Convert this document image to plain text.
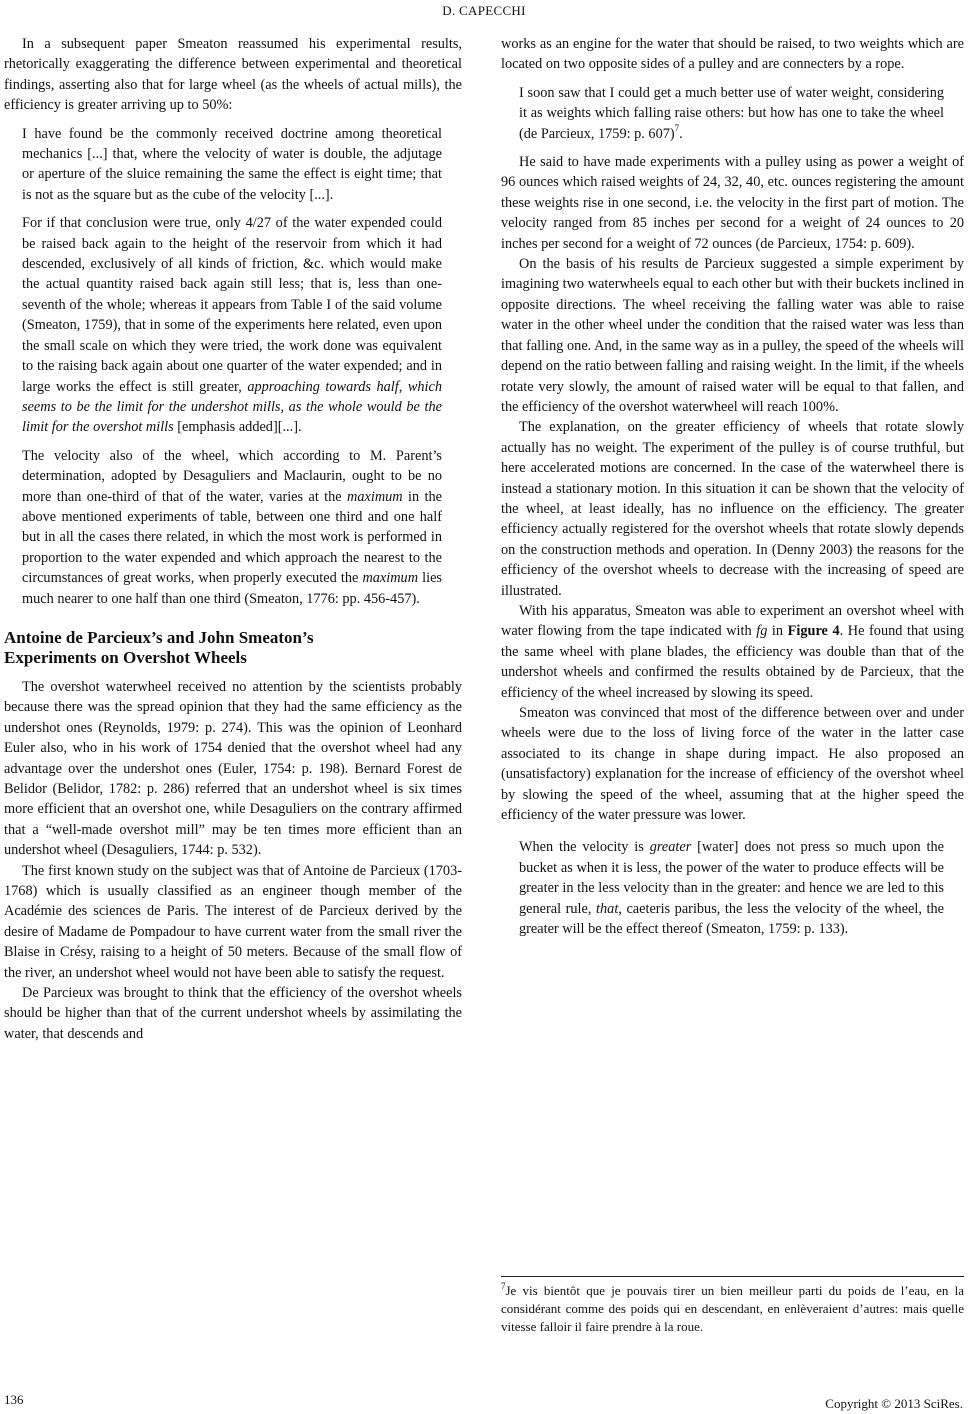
D. CAPECCHI

In a subsequent paper Smeaton reassumed his experimental results, rhetorically exaggerating the difference between experimental and theoretical findings, asserting also that for large wheel (as the wheels of actual mills), the efficiency is greater arriving up to 50%:

I have found be the commonly received doctrine among theoretical mechanics [...] that, where the velocity of water is double, the adjutage or aperture of the sluice remaining the same the effect is eight time; that is not as the square but as the cube of the velocity [...].

For if that conclusion were true, only 4/27 of the water expended could be raised back again to the height of the reservoir from which it had descended, exclusively of all kinds of friction, &c. which would make the actual quantity raised back again still less; that is, less than one-seventh of the whole; whereas it appears from Table I of the said volume (Smeaton, 1759), that in some of the experiments here related, even upon the small scale on which they were tried, the work done was equivalent to the raising back again about one quarter of the water expended; and in large works the effect is still greater, approaching towards half, which seems to be the limit for the undershot mills, as the whole would be the limit for the overshot mills [emphasis added][...].

The velocity also of the wheel, which according to M. Parent’s determination, adopted by Desaguliers and Maclaurin, ought to be no more than one-third of that of the water, varies at the maximum in the above mentioned experiments of table, between one third and one half but in all the cases there related, in which the most work is performed in proportion to the water expended and which approach the nearest to the circumstances of great works, when properly executed the maximum lies much nearer to one half than one third (Smeaton, 1776: pp. 456-457).

Antoine de Parcieux’s and John Smeaton’s
Experiments on Overshot Wheels

The overshot waterwheel received no attention by the scientists probably because there was the spread opinion that they had the same efficiency as the undershot ones (Reynolds, 1979: p. 274). This was the opinion of Leonhard Euler also, who in his work of 1754 denied that the overshot wheel had any advantage over the undershot ones (Euler, 1754: p. 198). Bernard Forest de Belidor (Belidor, 1782: p. 286) referred that an undershot wheel is six times more efficient that an overshot one, while Desaguliers on the contrary affirmed that a “well-made overshot mill” may be ten times more efficient than an undershot wheel (Desaguliers, 1744: p. 532).

The first known study on the subject was that of Antoine de Parcieux (1703-1768) which is usually classified as an engineer though member of the Académie des sciences de Paris. The interest of de Parcieux derived by the desire of Madame de Pompadour to have current water from the small river the Blaise in Crésy, raising to a height of 50 meters. Because of the small flow of the river, an undershot wheel would not have been able to satisfy the request.

De Parcieux was brought to think that the efficiency of the overshot wheels should be higher than that of the current undershot wheels by assimilating the water, that descends and

works as an engine for the water that should be raised, to two weights which are located on two opposite sides of a pulley and are connecters by a rope.

I soon saw that I could get a much better use of water weight, considering it as weights which falling raise others: but how has one to take the wheel (de Parcieux, 1759: p. 607)$^7$.

He said to have made experiments with a pulley using as power a weight of 96 ounces which raised weights of 24, 32, 40, etc. ounces registering the amount these weights rise in one second, i.e. the velocity in the first part of motion. The velocity ranged from 85 inches per second for a weight of 24 ounces to 20 inches per second for a weight of 72 ounces (de Parcieux, 1754: p. 609).

On the basis of his results de Parcieux suggested a simple experiment by imagining two waterwheels equal to each other but with their buckets inclined in opposite directions. The wheel receiving the falling water was able to raise water in the other wheel under the condition that the raised water was less than that falling one. And, in the same way as in a pulley, the speed of the wheels will depend on the ratio between falling and raising weight. In the limit, if the wheels rotate very slowly, the amount of raised water will be equal to that fallen, and the efficiency of the overshot waterwheel will reach 100%.

The explanation, on the greater efficiency of wheels that rotate slowly actually has no weight. The experiment of the pulley is of course truthful, but here accelerated motions are concerned. In the case of the waterwheel there is instead a stationary motion. In this situation it can be shown that the velocity of the wheel, at least ideally, has no influence on the efficiency. The greater efficiency actually registered for the overshot wheels that rotate slowly depends on the construction methods and operation. In (Denny 2003) the reasons for the efficiency of the overshot wheels to decrease with the increasing of speed are illustrated.

With his apparatus, Smeaton was able to experiment an overshot wheel with water flowing from the tape indicated with fg in Figure 4. He found that using the same wheel with plane blades, the efficiency was double than that of the undershot wheels and confirmed the results obtained by de Parcieux, that the efficiency of the wheel increased by slowing its speed.

Smeaton was convinced that most of the difference between over and under wheels were due to the loss of living force of the water in the latter case associated to its change in shape during impact. He also proposed an (unsatisfactory) explanation for the increase of efficiency of the overshot wheel by slowing the speed of the wheel, assuming that at the higher speed the efficiency of the water pressure was lower.

When the velocity is greater [water] does not press so much upon the bucket as when it is less, the power of the water to produce effects will be greater in the less velocity than in the greater: and hence we are led to this general rule, that, caeteris paribus, the less the velocity of the wheel, the greater will be the effect thereof (Smeaton, 1759: p. 133).

$^7$Je vis bientôt que je pouvais tirer un bien meilleur parti du poids de l’eau, en la considérant comme des poids qui en descendant, en enlèveraient d’autres: mais quelle vitesse falloir il faire prendre à la roue.

136	Copyright © 2013 SciRes.
